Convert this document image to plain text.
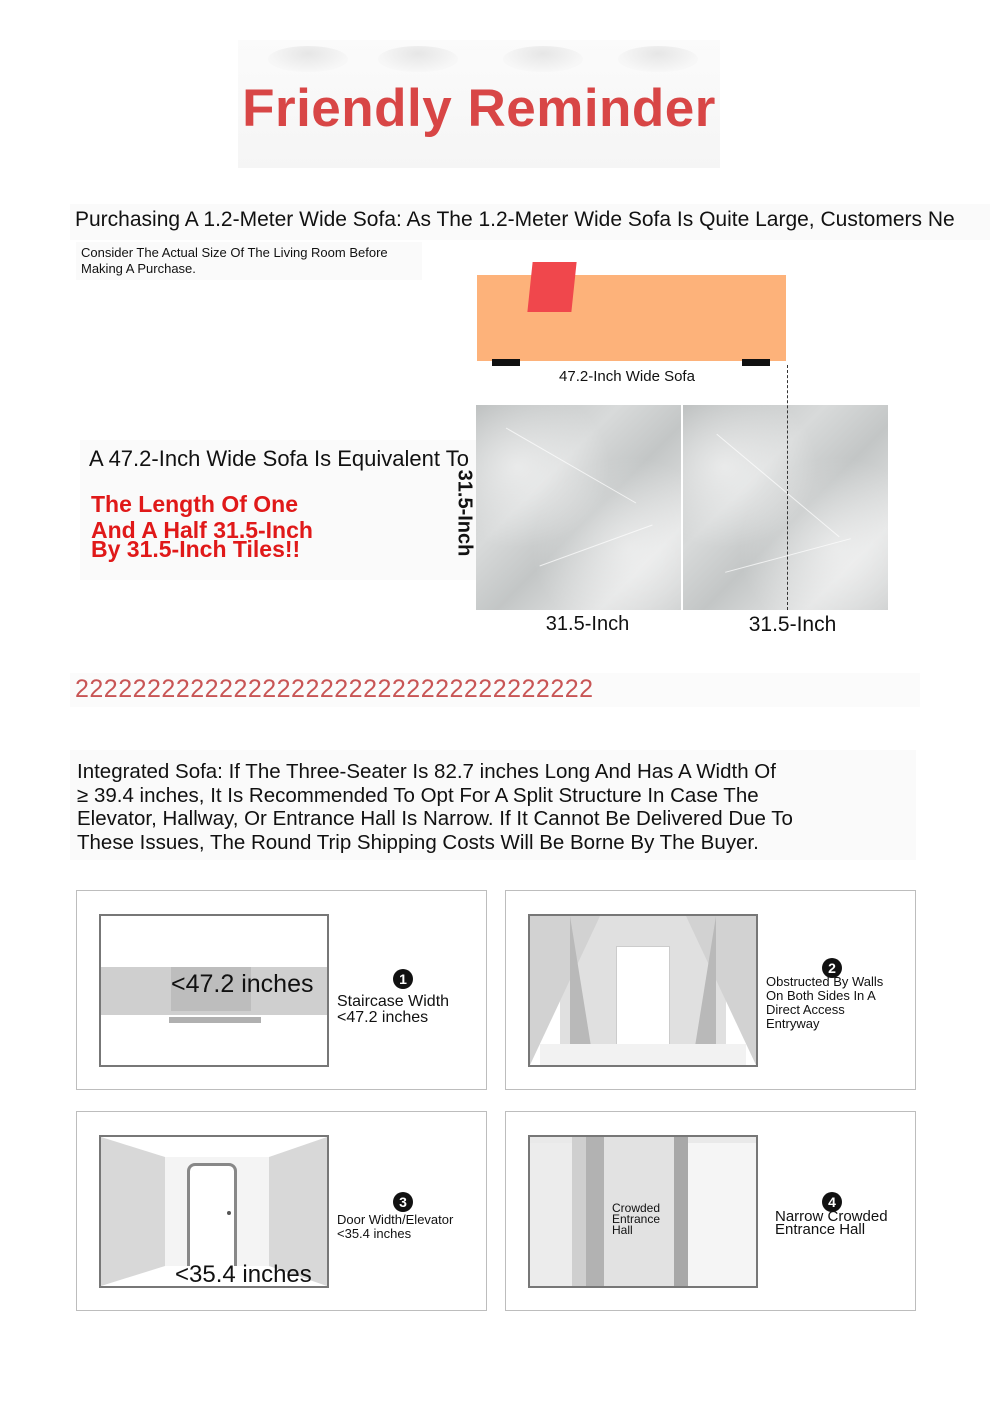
Friendly Reminder
Purchasing A 1.2-Meter Wide Sofa: As The 1.2-Meter Wide Sofa Is Quite Large, Customers Ne
Consider The Actual Size Of The Living Room Before
Making A Purchase.
47.2-Inch Wide Sofa
A 47.2-Inch Wide Sofa Is Equivalent To
The Length Of One
And A Half 31.5-Inch
By 31.5-Inch Tiles!!	31.5-Inch
31.5-Inch	31.5-Inch
222222222222222222222222222222222222
Integrated Sofa: If The Three-Seater Is 82.7 inches Long And Has A Width Of
≥ 39.4 inches, It Is Recommended To Opt For A Split Structure In Case The
Elevator, Hallway, Or Entrance Hall Is Narrow. If It Cannot Be Delivered Due To
These Issues, The Round Trip Shipping Costs Will Be Borne By The Buyer.
<47.2 inches	1
Staircase Width
<47.2 inches
2
Obstructed By Walls
On Both Sides In A
Direct Access
Entryway
<35.4 inches
3
Door Width/Elevator
<35.4 inches
Crowded
Entrance
Hall
4
Narrow Crowded
Entrance Hall
